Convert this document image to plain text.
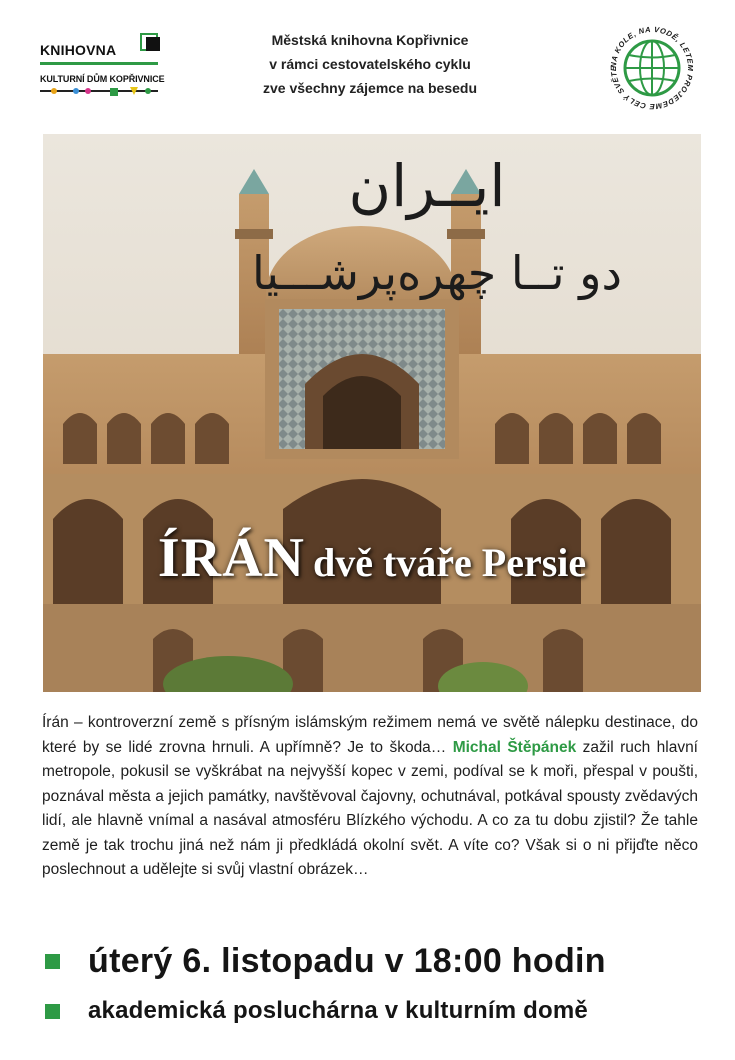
KNIHOVNA
KULTURNÍ DŮM KOPŘIVNICE
Městská knihovna Kopřivnice
v rámci cestovatelského cyklu
zve všechny zájemce na besedu
NA KOLE, NA VODĚ, LETEM PROJEDEME CELÝ SVĚTE
ایــران
دو تــا چهره‌پرشـــیا
ÍRÁN dvě tváře Persie
Írán – kontroverzní země s přísným islámským režimem nemá ve světě nálepku destinace, do které by se lidé zrovna hrnuli. A upřímně? Je to škoda… Michal Štěpánek zažil ruch hlavní metropole, pokusil se vyškrábat na nejvyšší kopec v zemi, podíval se k moři, přespal v poušti, poznával města a jejich památky, navštěvoval čajovny, ochutnával, potkával spousty zvědavých lidí, ale hlavně vnímal a nasával atmosféru Blízkého východu. A co za tu dobu zjistil? Že tahle země je tak trochu jiná než nám ji předkládá okolní svět. A víte co? Však si o ni přijďte něco poslechnout a udělejte si svůj vlastní obrázek…
úterý 6. listopadu v 18:00 hodin
akademická posluchárna v kulturním domě
